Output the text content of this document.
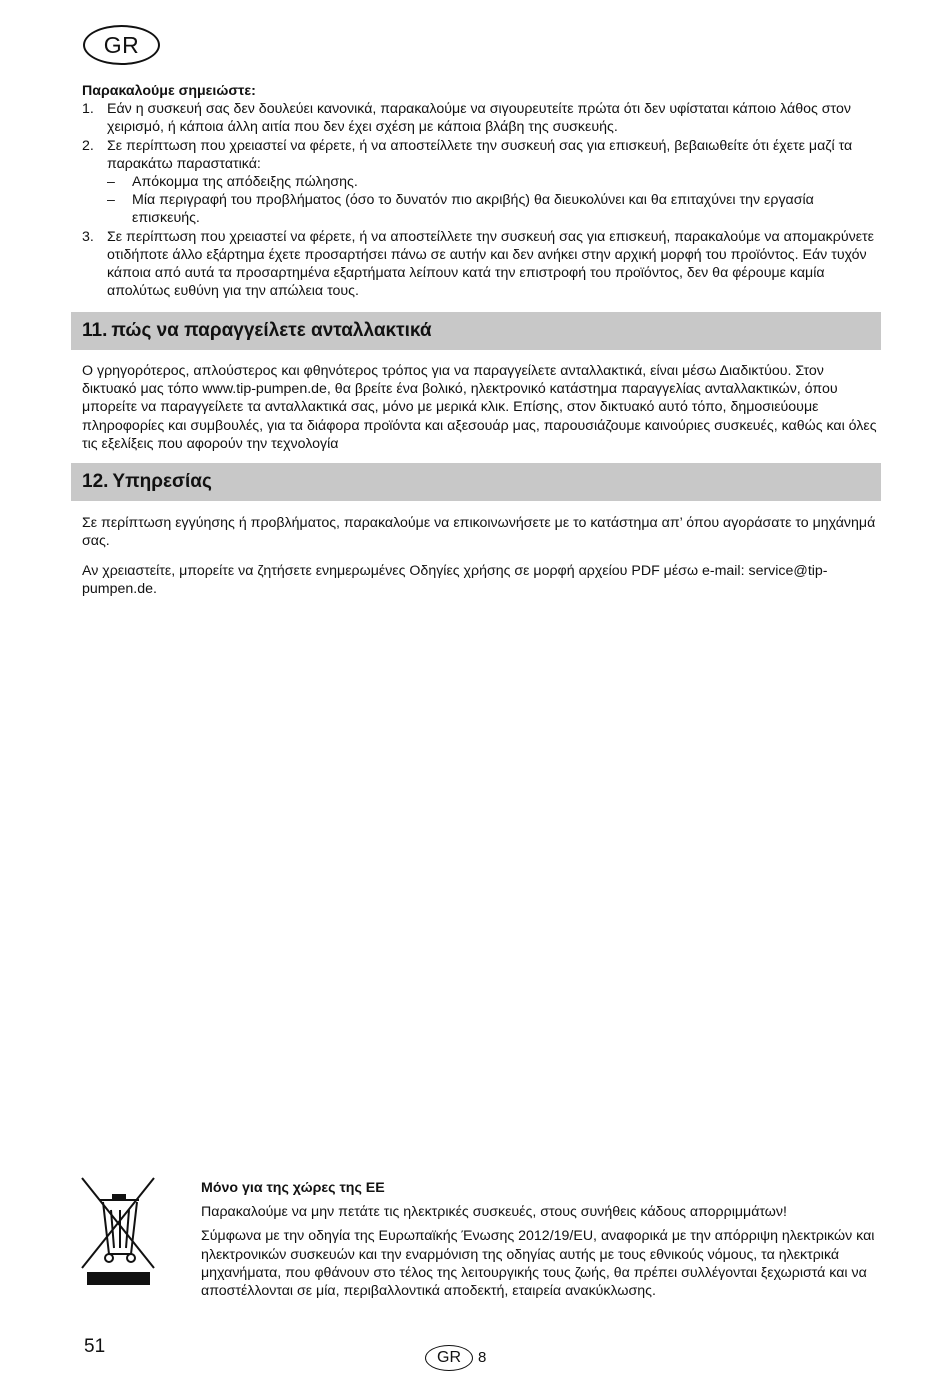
GR
Παρακαλούμε σημειώστε:
1. Εάν η συσκευή σας δεν δουλεύει κανονικά, παρακαλούμε να σιγουρευτείτε πρώτα ότι δεν υφίσταται κάποιο λάθος στον χειρισμό, ή κάποια άλλη αιτία που δεν έχει σχέση με κάποια βλάβη της συσκευής.
2. Σε περίπτωση που χρειαστεί να φέρετε, ή να αποστείλλετε την συσκευή σας για επισκευή, βεβαιωθείτε ότι έχετε μαζί τα παρακάτω παραστατικά:
– Απόκομμα της απόδειξης πώλησης.
– Μία περιγραφή του προβλήματος (όσο το δυνατόν πιο ακριβής) θα διευκολύνει και θα επιταχύνει την εργασία επισκευής.
3. Σε περίπτωση που χρειαστεί να φέρετε, ή να αποστείλλετε την συσκευή σας για επισκευή, παρακαλούμε να απομακρύνετε οτιδήποτε άλλο εξάρτημα έχετε προσαρτήσει πάνω σε αυτήν και δεν ανήκει στην αρχική μορφή του προϊόντος. Εάν τυχόν κάποια από αυτά τα προσαρτημένα εξαρτήματα λείπουν κατά την επιστροφή του προϊόντος, δεν θα φέρουμε καμία απολύτως ευθύνη για την απώλεια τους.
11. πώς να παραγγείλετε ανταλλακτικά
Ο γρηγορότερος, απλούστερος και φθηνότερος τρόπος για να παραγγείλετε ανταλλακτικά, είναι μέσω Διαδικτύου. Στον δικτυακό μας τόπο www.tip-pumpen.de, θα βρείτε ένα βολικό, ηλεκτρονικό κατάστημα παραγγελίας ανταλλακτικών, όπου μπορείτε να παραγγείλετε τα ανταλλακτικά σας, μόνο με μερικά κλικ. Επίσης, στον δικτυακό αυτό τόπο, δημοσιεύουμε πληροφορίες και συμβουλές, για τα διάφορα προϊόντα και αξεσουάρ μας, παρουσιάζουμε καινούριες συσκευές, καθώς και όλες τις εξελίξεις που αφορούν την τεχνολογία
12. Υπηρεσίας
Σε περίπτωση εγγύησης ή προβλήματος, παρακαλούμε να επικοινωνήσετε με το κατάστημα απ’ όπου αγοράσατε το μηχάνημά σας.
Αν χρειαστείτε, μπορείτε να ζητήσετε ενημερωμένες Οδηγίες χρήσης σε μορφή αρχείου PDF μέσω e-mail: service@tip-pumpen.de.

Μόνο για της χώρες της ΕΕ

Παρακαλούμε να μην πετάτε τις ηλεκτρικές συσκευές, στους συνήθεις κάδους απορριμμάτων!

Σύμφωνα με την οδηγία της Ευρωπαϊκής Ένωσης 2012/19/EU, αναφορικά με την απόρριψη ηλεκτρικών και ηλεκτρονικών συσκευών και την εναρμόνιση της οδηγίας αυτής με τους εθνικούς νόμους, τα ηλεκτρικά μηχανήματα, που φθάνουν στο τέλος της λειτουργικής τους ζωής, θα πρέπει συλλέγονται ξεχωριστά και να αποστέλλονται σε μία, περιβαλλοντικά αποδεκτή, εταιρεία ανακύκλωσης.

51
GR	8
